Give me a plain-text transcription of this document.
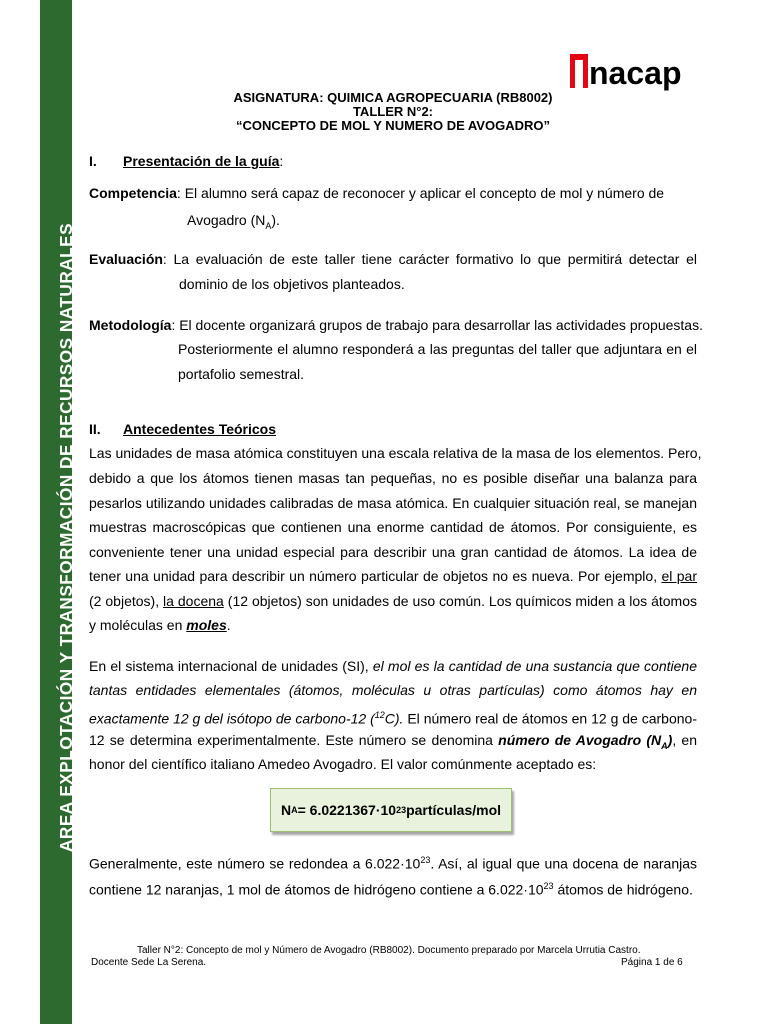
AREA EXPLOTACIÓN Y TRANSFORMACIÓN DE RECURSOS NATURALES
nacap
ASIGNATURA: QUIMICA AGROPECUARIA (RB8002)
TALLER N°2:
“CONCEPTO DE MOL Y NUMERO DE AVOGADRO”
I. Presentación de la guía:
Competencia: El alumno será capaz de reconocer y aplicar el concepto de mol y número de
Avogadro $(N_A)$.
Evaluación: La evaluación de este taller tiene carácter formativo lo que permitirá detectar el
dominio de los objetivos planteados.
Metodología: El docente organizará grupos de trabajo para desarrollar las actividades propuestas.
Posteriormente el alumno responderá a las preguntas del taller que adjuntara en el
portafolio semestral.
II. Antecedentes Teóricos
Las unidades de masa atómica constituyen una escala relativa de la masa de los elementos. Pero,
debido a que los átomos tienen masas tan pequeñas, no es posible diseñar una balanza para
pesarlos utilizando unidades calibradas de masa atómica. En cualquier situación real, se manejan
muestras macroscópicas que contienen una enorme cantidad de átomos. Por consiguiente, es
conveniente tener una unidad especial para describir una gran cantidad de átomos. La idea de
tener una unidad para describir un número particular de objetos no es nueva. Por ejemplo, el par
(2 objetos), la docena (12 objetos) son unidades de uso común. Los químicos miden a los átomos
y moléculas en moles.
En el sistema internacional de unidades (SI), el mol es la cantidad de una sustancia que contiene
tantas entidades elementales (átomos, moléculas u otras partículas) como átomos hay en
exactamente 12 g del isótopo de carbono-12 ($^{12}$C). El número real de átomos en 12 g de carbono-
12 se determina experimentalmente. Este número se denomina número de Avogadro $(N_A)$, en
honor del científico italiano Amedeo Avogadro. El valor comúnmente aceptado es:
N A = 6.0221367·10 23 partículas/mol
Generalmente, este número se redondea a $6.022\cdot 10^{23}$. Así, al igual que una docena de naranjas
contiene 12 naranjas, 1 mol de átomos de hidrógeno contiene a $6.022\cdot 10^{23}$ átomos de hidrógeno.
Taller N°2: Concepto de mol y Número de Avogadro (RB8002). Documento preparado por Marcela Urrutia Castro.
Docente Sede La Serena.	Página 1 de 6
